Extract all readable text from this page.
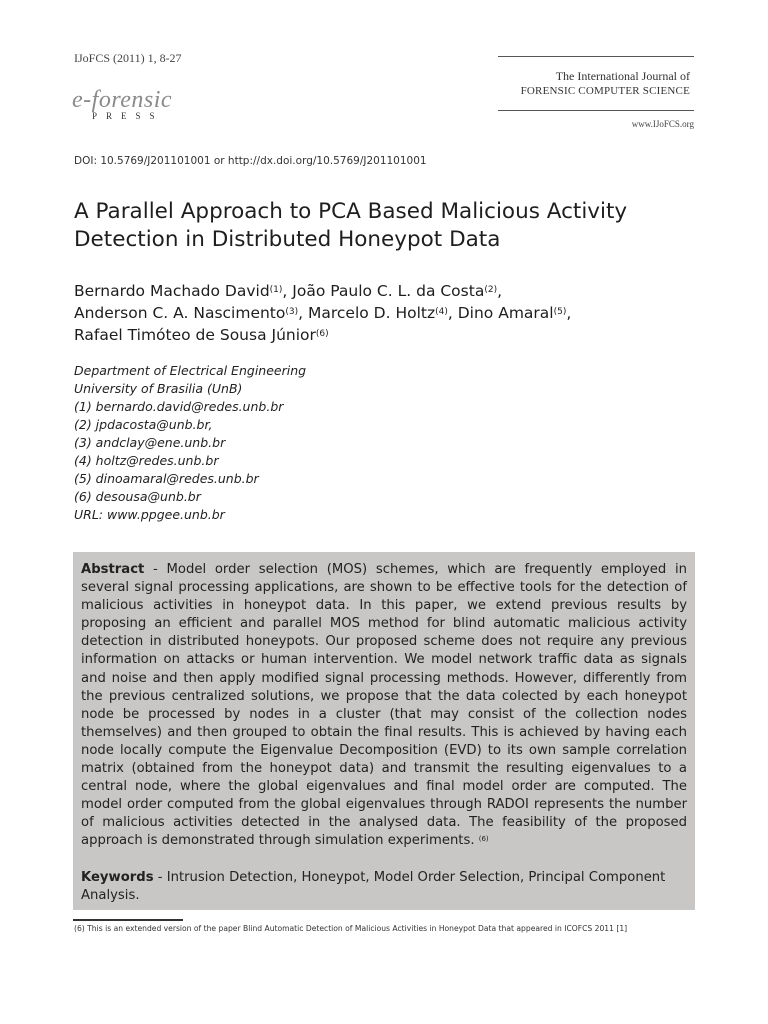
IJoFCS (2011) 1, 8-27
e-forensic
PRESS
The International Journal of
FORENSIC COMPUTER SCIENCE
www.IJoFCS.org
DOI: 10.5769/J201101001 or http://dx.doi.org/10.5769/J201101001
A Parallel Approach to PCA Based Malicious Activity
Detection in Distributed Honeypot Data
Bernardo Machado David$^{(1)}$, João Paulo C. L. da Costa$^{(2)}$,
Anderson C. A. Nascimento$^{(3)}$, Marcelo D. Holtz$^{(4)}$, Dino Amaral$^{(5)}$,
Rafael Timóteo de Sousa Júnior$^{(6)}$
Department of Electrical Engineering
University of Brasilia (UnB)
(1) bernardo.david@redes.unb.br
(2) jpdacosta@unb.br,
(3) andclay@ene.unb.br
(4) holtz@redes.unb.br
(5) dinoamaral@redes.unb.br
(6) desousa@unb.br
URL: www.ppgee.unb.br
Abstract - Model order selection (MOS) schemes, which are frequently employed in several signal processing applications, are shown to be effective tools for the detection of malicious activities in honeypot data. In this paper, we extend previous results by proposing an efficient and parallel MOS method for blind automatic malicious activity detection in distributed honeypots. Our proposed scheme does not require any previous information on attacks or human intervention. We model network traffic data as signals and noise and then apply modified signal processing methods. However, differently from the previous centralized solutions, we propose that the data colected by each honeypot node be processed by nodes in a cluster (that may consist of the collection nodes themselves) and then grouped to obtain the final results. This is achieved by having each node locally compute the Eigenvalue Decomposition (EVD) to its own sample correlation matrix (obtained from the honeypot data) and transmit the resulting eigenvalues to a central node, where the global eigenvalues and final model order are computed. The model order computed from the global eigenvalues through RADOI represents the number of malicious activities detected in the analysed data. The feasibility of the proposed approach is demonstrated through simulation experiments. $^{(6)}$
Keywords - Intrusion Detection, Honeypot, Model Order Selection, Principal Component Analysis.
(6) This is an extended version of the paper Blind Automatic Detection of Malicious Activities in Honeypot Data that appeared in ICOFCS 2011 [1]
